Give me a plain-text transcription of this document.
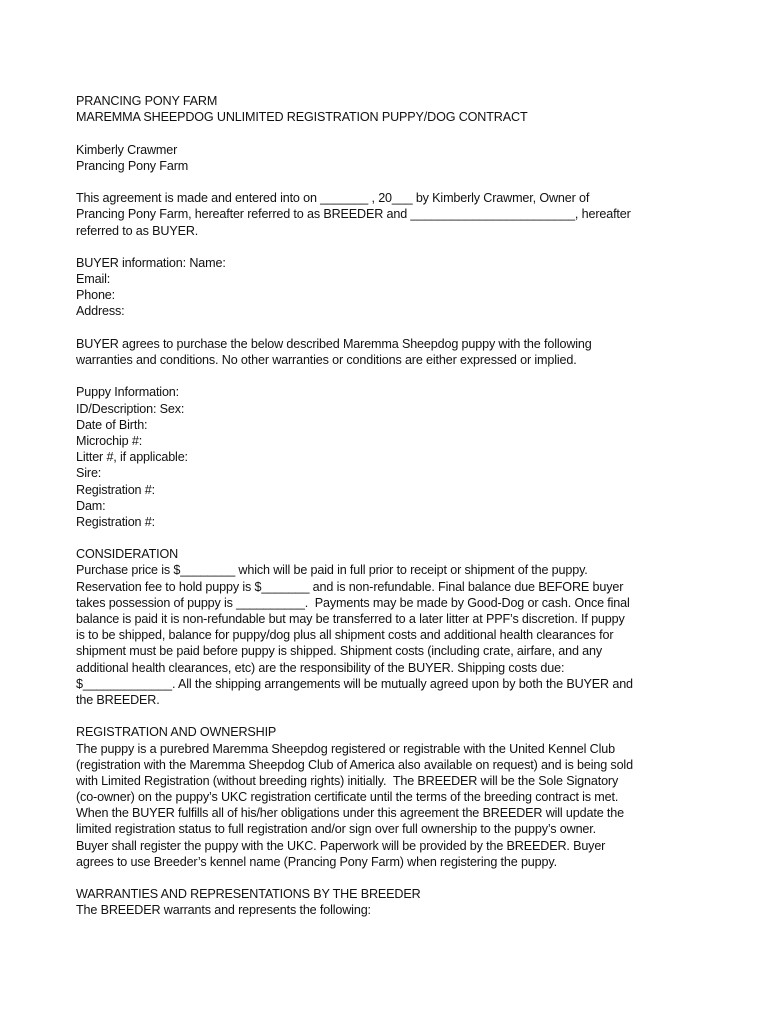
PRANCING PONY FARM
MAREMMA SHEEPDOG UNLIMITED REGISTRATION PUPPY/DOG CONTRACT
Kimberly Crawmer
Prancing Pony Farm
This agreement is made and entered into on _______ , 20___ by Kimberly Crawmer, Owner of
Prancing Pony Farm, hereafter referred to as BREEDER and ________________________, hereafter
referred to as BUYER.
BUYER information: Name:
Email:
Phone:
Address:
BUYER agrees to purchase the below described Maremma Sheepdog puppy with the following
warranties and conditions. No other warranties or conditions are either expressed or implied.
Puppy Information:
ID/Description: Sex:
Date of Birth:
Microchip #:
Litter #, if applicable:
Sire:
Registration #:
Dam:
Registration #:
CONSIDERATION
Purchase price is $________ which will be paid in full prior to receipt or shipment of the puppy.
Reservation fee to hold puppy is $_______ and is non-refundable. Final balance due BEFORE buyer
takes possession of puppy is __________.  Payments may be made by Good-Dog or cash. Once final
balance is paid it is non-refundable but may be transferred to a later litter at PPF’s discretion. If puppy
is to be shipped, balance for puppy/dog plus all shipment costs and additional health clearances for
shipment must be paid before puppy is shipped. Shipment costs (including crate, airfare, and any
additional health clearances, etc) are the responsibility of the BUYER. Shipping costs due:
$_____________. All the shipping arrangements will be mutually agreed upon by both the BUYER and
the BREEDER.
REGISTRATION AND OWNERSHIP
The puppy is a purebred Maremma Sheepdog registered or registrable with the United Kennel Club
(registration with the Maremma Sheepdog Club of America also available on request) and is being sold
with Limited Registration (without breeding rights) initially.  The BREEDER will be the Sole Signatory
(co-owner) on the puppy’s UKC registration certificate until the terms of the breeding contract is met.
When the BUYER fulfills all of his/her obligations under this agreement the BREEDER will update the
limited registration status to full registration and/or sign over full ownership to the puppy’s owner.
Buyer shall register the puppy with the UKC. Paperwork will be provided by the BREEDER. Buyer
agrees to use Breeder’s kennel name (Prancing Pony Farm) when registering the puppy.
WARRANTIES AND REPRESENTATIONS BY THE BREEDER
The BREEDER warrants and represents the following:
